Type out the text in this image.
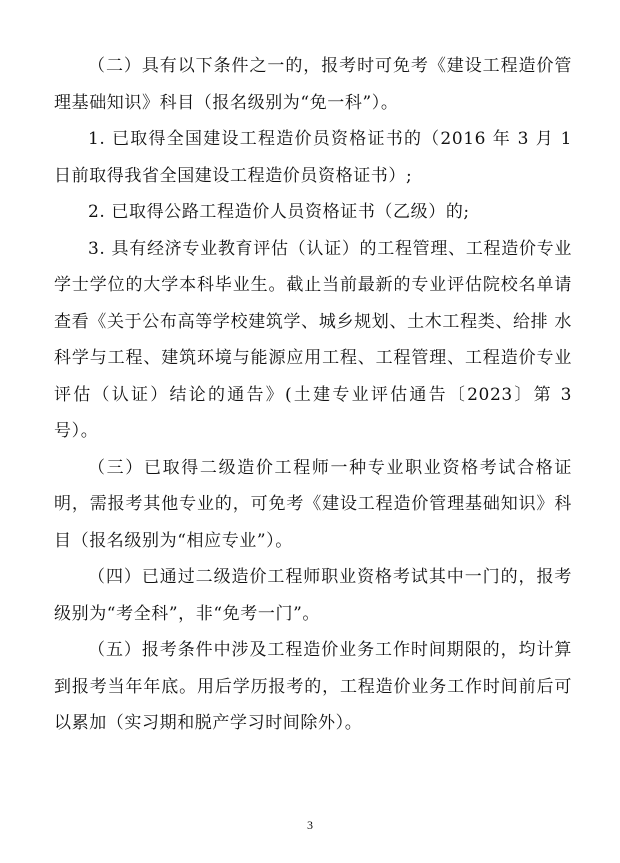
（二）具有以下条件之一的，报考时可免考《建设工程造价管理基础知识》科目（报名级别为“免一科”）。

1. 已取得全国建设工程造价员资格证书的（2016 年 3 月 1 日前取得我省全国建设工程造价员资格证书）;

2. 已取得公路工程造价人员资格证书（乙级）的;

3. 具有经济专业教育评估（认证）的工程管理、工程造价专业学士学位的大学本科毕业生。截止当前最新的专业评估院校名单请查看《关于公布高等学校建筑学、城乡规划、土木工程类、给排 水科学与工程、建筑环境与能源应用工程、工程管理、工程造价专业评估（认证）结论的通告》(土建专业评估通告〔2023〕第 3 号）。

（三）已取得二级造价工程师一种专业职业资格考试合格证明，需报考其他专业的，可免考《建设工程造价管理基础知识》科目（报名级别为“相应专业”）。

（四）已通过二级造价工程师职业资格考试其中一门的，报考级别为“考全科”，非“免考一门”。

（五）报考条件中涉及工程造价业务工作时间期限的，均计算到报考当年年底。用后学历报考的，工程造价业务工作时间前后可以累加（实习期和脱产学习时间除外）。

3
